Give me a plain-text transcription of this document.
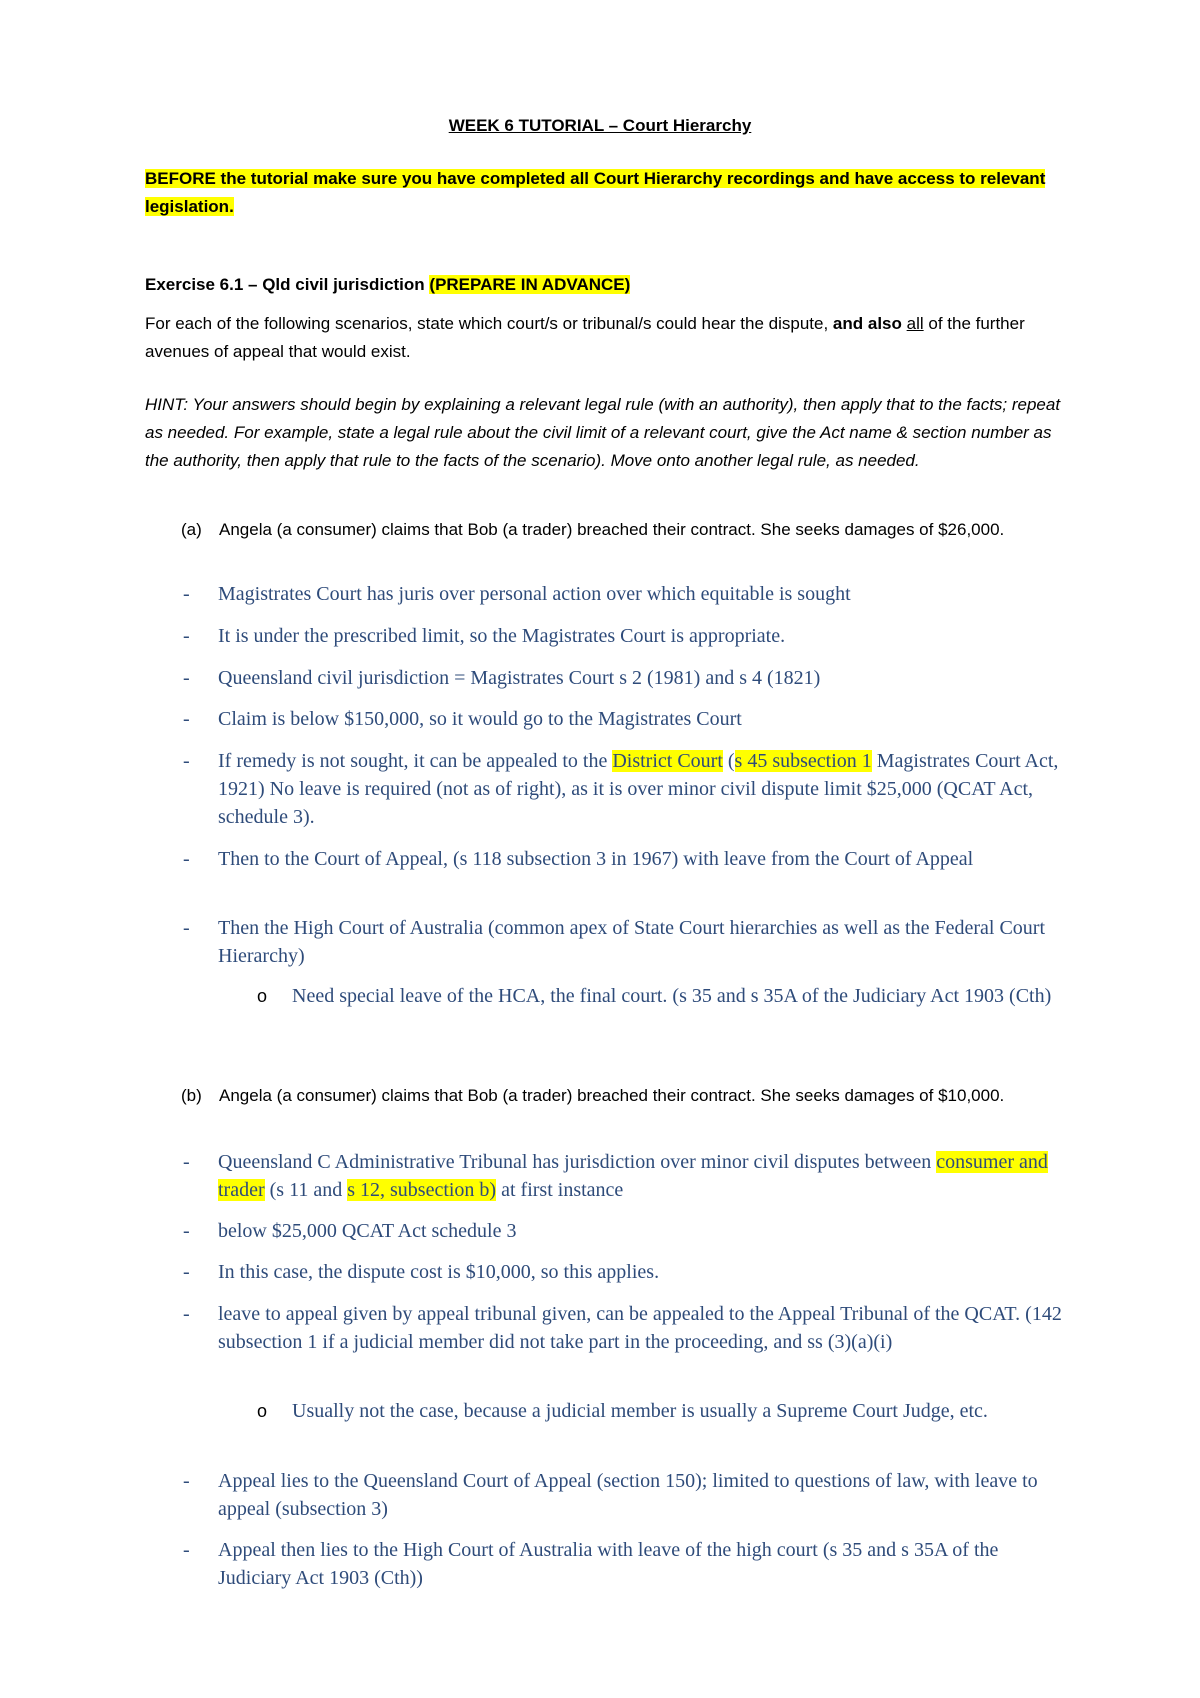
WEEK 6 TUTORIAL – Court Hierarchy
BEFORE the tutorial make sure you have completed all Court Hierarchy recordings and have access to relevant legislation.
Exercise 6.1 – Qld civil jurisdiction (PREPARE IN ADVANCE)
For each of the following scenarios, state which court/s or tribunal/s could hear the dispute, and also all of the further avenues of appeal that would exist.
HINT: Your answers should begin by explaining a relevant legal rule (with an authority), then apply that to the facts; repeat as needed. For example, state a legal rule about the civil limit of a relevant court, give the Act name & section number as the authority, then apply that rule to the facts of the scenario). Move onto another legal rule, as needed.
(a) Angela (a consumer) claims that Bob (a trader) breached their contract. She seeks damages of $26,000.
- Magistrates Court has juris over personal action over which equitable is sought
- It is under the prescribed limit, so the Magistrates Court is appropriate.
- Queensland civil jurisdiction = Magistrates Court s 2 (1981) and s 4 (1821)
- Claim is below $150,000, so it would go to the Magistrates Court
- If remedy is not sought, it can be appealed to the District Court (s 45 subsection 1 Magistrates Court Act, 1921) No leave is required (not as of right), as it is over minor civil dispute limit $25,000 (QCAT Act, schedule 3).
- Then to the Court of Appeal, (s 118 subsection 3 in 1967) with leave from the Court of Appeal
- Then the High Court of Australia (common apex of State Court hierarchies as well as the Federal Court Hierarchy)
o Need special leave of the HCA, the final court. (s 35 and s 35A of the Judiciary Act 1903 (Cth)
(b) Angela (a consumer) claims that Bob (a trader) breached their contract. She seeks damages of $10,000.
- Queensland C Administrative Tribunal has jurisdiction over minor civil disputes between consumer and trader (s 11 and s 12, subsection b) at first instance
- below $25,000 QCAT Act schedule 3
- In this case, the dispute cost is $10,000, so this applies.
- leave to appeal given by appeal tribunal given, can be appealed to the Appeal Tribunal of the QCAT. (142 subsection 1 if a judicial member did not take part in the proceeding, and ss (3)(a)(i)
o Usually not the case, because a judicial member is usually a Supreme Court Judge, etc.
- Appeal lies to the Queensland Court of Appeal (section 150); limited to questions of law, with leave to appeal (subsection 3)
- Appeal then lies to the High Court of Australia with leave of the high court (s 35 and s 35A of the Judiciary Act 1903 (Cth))
